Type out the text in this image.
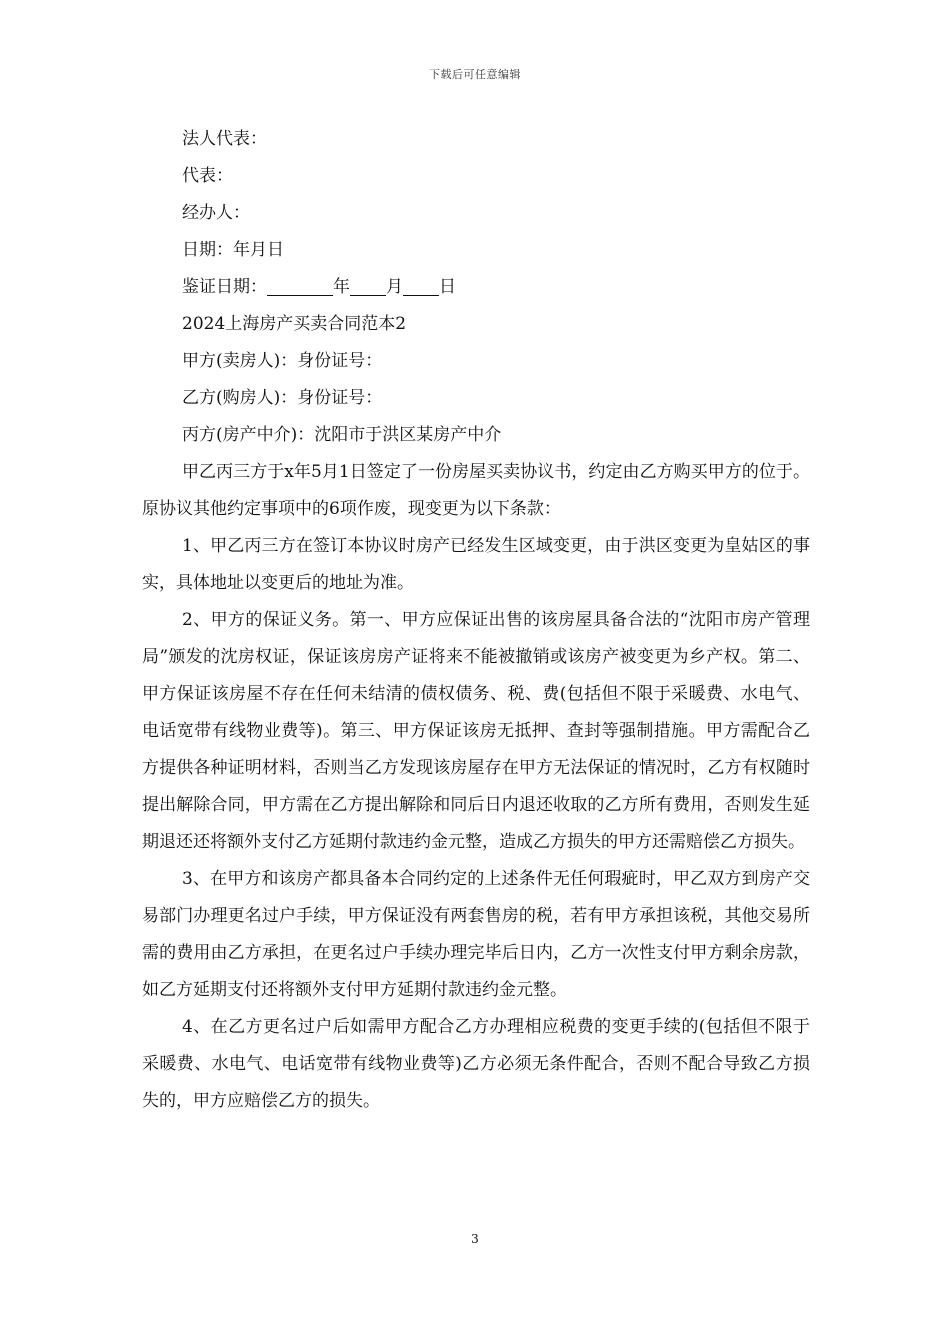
下载后可任意编辑

法人代表：

代表：

经办人：

日期：年月日

鉴证日期：	年 月 日

2024上海房产买卖合同范本2

甲方(卖房人)：身份证号：

乙方(购房人)：身份证号：

丙方(房产中介)：沈阳市于洪区某房产中介

甲乙丙三方于x年5月1日签定了一份房屋买卖协议书，约定由乙方购买甲方的位于。原协议其他约定事项中的6项作废，现变更为以下条款：

1、甲乙丙三方在签订本协议时房产已经发生区域变更，由于洪区变更为皇姑区的事实，具体地址以变更后的地址为准。

2、甲方的保证义务。第一、甲方应保证出售的该房屋具备合法的“沈阳市房产管理局”颁发的沈房权证，保证该房房产证将来不能被撤销或该房产被变更为乡产权。第二、甲方保证该房屋不存在任何未结清的债权债务、税、费(包括但不限于采暖费、水电气、电话宽带有线物业费等)。第三、甲方保证该房无抵押、查封等强制措施。甲方需配合乙方提供各种证明材料，否则当乙方发现该房屋存在甲方无法保证的情况时，乙方有权随时提出解除合同，甲方需在乙方提出解除和同后日内退还收取的乙方所有费用，否则发生延期退还还将额外支付乙方延期付款违约金元整，造成乙方损失的甲方还需赔偿乙方损失。

3、在甲方和该房产都具备本合同约定的上述条件无任何瑕疵时，甲乙双方到房产交易部门办理更名过户手续，甲方保证没有两套售房的税，若有甲方承担该税，其他交易所需的费用由乙方承担，在更名过户手续办理完毕后日内，乙方一次性支付甲方剩余房款，如乙方延期支付还将额外支付甲方延期付款违约金元整。

4、在乙方更名过户后如需甲方配合乙方办理相应税费的变更手续的(包括但不限于采暖费、水电气、电话宽带有线物业费等)乙方必须无条件配合，否则不配合导致乙方损失的，甲方应赔偿乙方的损失。

3
